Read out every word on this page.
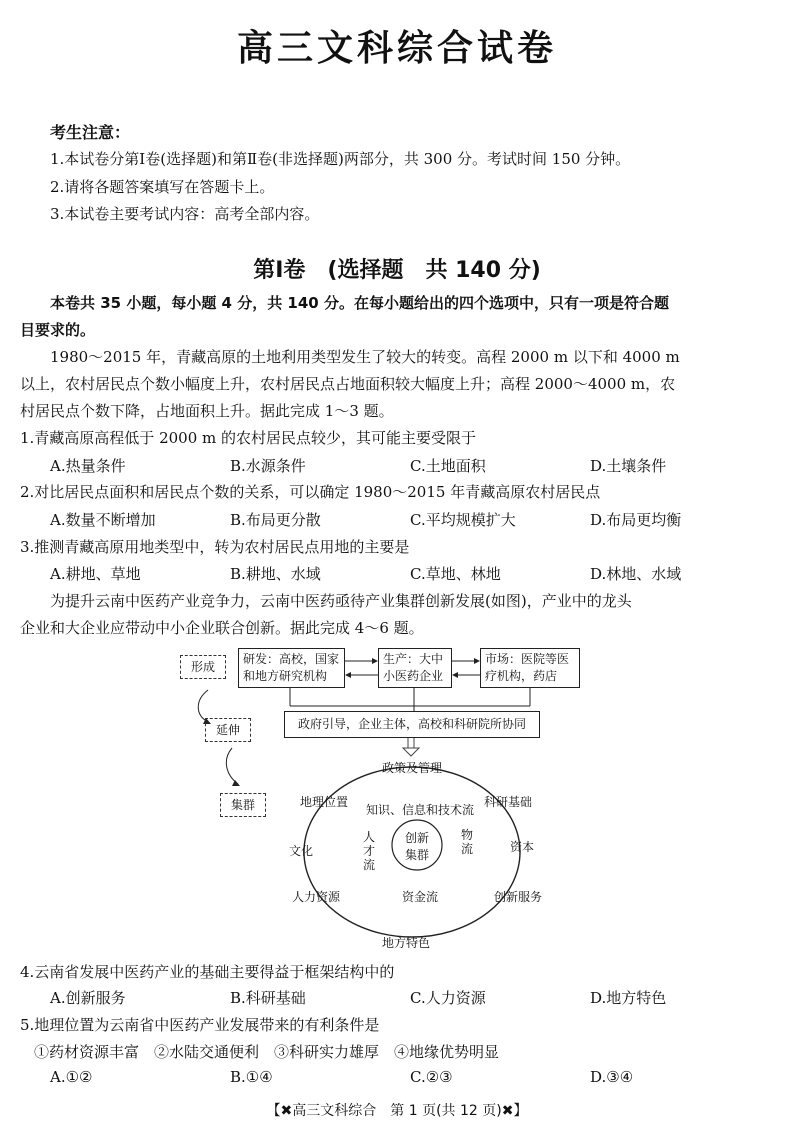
高三文科综合试卷
考生注意：
1.本试卷分第Ⅰ卷(选择题)和第Ⅱ卷(非选择题)两部分，共 300 分。考试时间 150 分钟。
2.请将各题答案填写在答题卡上。
3.本试卷主要考试内容：高考全部内容。
第Ⅰ卷　(选择题　共 140 分)
本卷共 35 小题，每小题 4 分，共 140 分。在每小题给出的四个选项中，只有一项是符合题
目要求的。
1980～2015 年，青藏高原的土地利用类型发生了较大的转变。高程 2000 m 以下和 4000 m
以上，农村居民点个数小幅度上升，农村居民点占地面积较大幅度上升；高程 2000～4000 m，农
村居民点个数下降，占地面积上升。据此完成 1～3 题。
1.青藏高原高程低于 2000 m 的农村居民点较少，其可能主要受限于
A.热量条件	B.水源条件	C.土地面积	D.土壤条件
2.对比居民点面积和居民点个数的关系，可以确定 1980～2015 年青藏高原农村居民点
A.数量不断增加	B.布局更分散	C.平均规模扩大	D.布局更均衡
3.推测青藏高原用地类型中，转为农村居民点用地的主要是
A.耕地、草地	B.耕地、水域	C.草地、林地	D.林地、水域
为提升云南中医药产业竞争力，云南中医药亟待产业集群创新发展(如图)，产业中的龙头
企业和大企业应带动中小企业联合创新。据此完成 4～6 题。
形成
延伸
集群
研发：高校，国家
和地方研究机构
生产：大中
小医药企业
市场：医院等医
疗机构，药店
政府引导，企业主体，高校和科研院所协同
政策及管理
地理位置	科研基础
知识、信息和技术流
文化	资本
人才流
物流
创新
集群
人力资源	资金流	创新服务
地方特色
4.云南省发展中医药产业的基础主要得益于框架结构中的
A.创新服务	B.科研基础	C.人力资源	D.地方特色
5.地理位置为云南省中医药产业发展带来的有利条件是
①药材资源丰富　②水陆交通便利　③科研实力雄厚　④地缘优势明显
A.①②	B.①④	C.②③	D.③④
【✖高三文科综合　第 1 页(共 12 页)✖】
